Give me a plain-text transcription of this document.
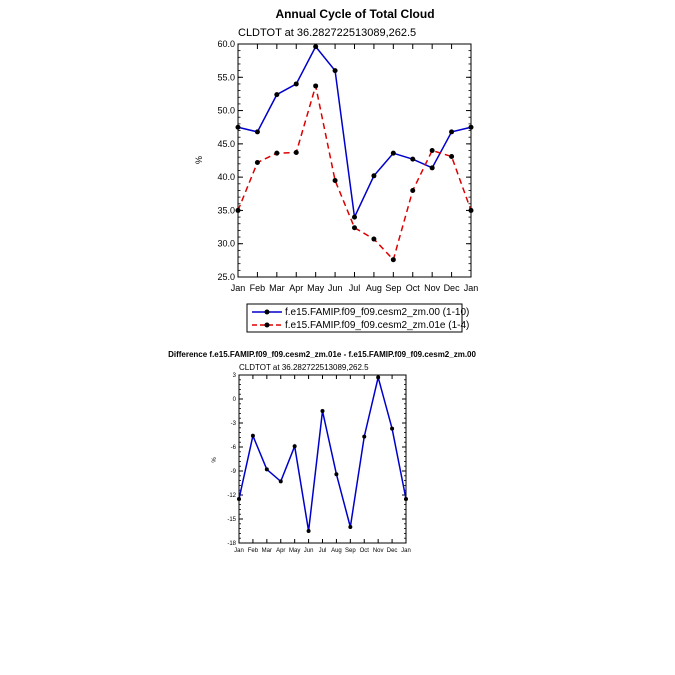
Annual Cycle of Total Cloud
CLDTOT at 36.282722513089,262.5
%
Jan Feb Mar Apr May Jun Jul Aug Sep Oct Nov Dec Jan
25.0
30.0
35.0
40.0
45.0
50.0
55.0
60.0
f.e15.FAMIP.f09_f09.cesm2_zm.00 (1-10)
f.e15.FAMIP.f09_f09.cesm2_zm.01e (1-4)
Difference f.e15.FAMIP.f09_f09.cesm2_zm.01e - f.e15.FAMIP.f09_f09.cesm2_zm.00
CLDTOT at 36.282722513089,262.5
%
Jan Feb Mar Apr May Jun Jul Aug Sep Oct Nov Dec Jan
-18
-15
-12
-9
-6
-3
0
3
